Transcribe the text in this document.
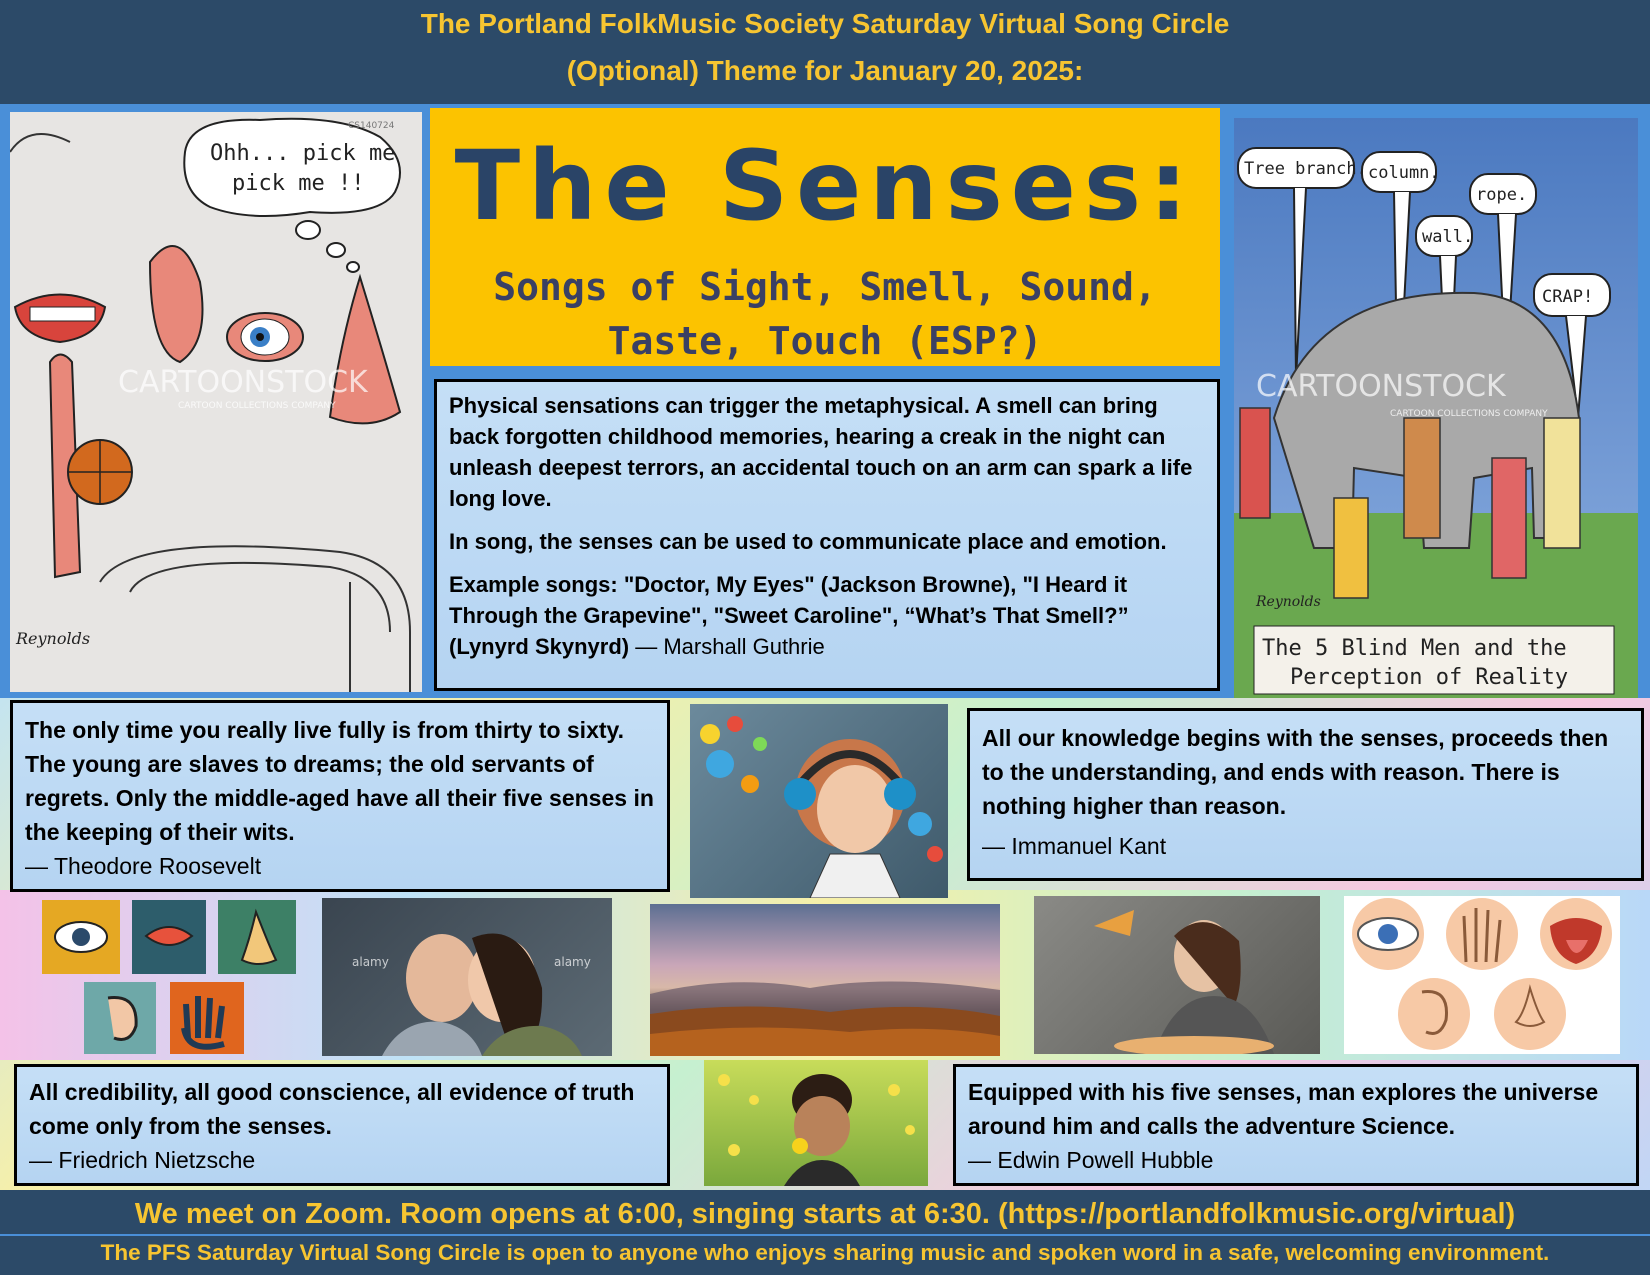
The Portland FolkMusic Society Saturday Virtual Song Circle
(Optional) Theme for January 20, 2025:
Ohh... pick me
pick me !!
CARTOONSTOCK
CARTOON COLLECTIONS COMPANY
CS140724
Reynolds
The Senses:
Songs of Sight, Smell, Sound,
Taste, Touch (ESP?)

Physical sensations can trigger the metaphysical. A smell can bring back forgotten childhood memories, hearing a creak in the night can unleash deepest terrors, an accidental touch on an arm can spark a life long love.

In song, the senses can be used to communicate place and emotion.

Example songs: "Doctor, My Eyes" (Jackson Browne), "I Heard it Through the Grapevine", "Sweet Caroline", “What’s That Smell?” (Lynyrd Skynyrd) — Marshall Guthrie

Tree branch. column.
wall.
rope.
CRAP!
CARTOONSTOCK
CARTOON COLLECTIONS COMPANY
Reynolds
The 5 Blind Men and the
Perception of Reality
The only time you really live fully is from thirty to sixty. The young are slaves to dreams; the old servants of regrets. Only the middle-aged have all their five senses in the keeping of their wits.
— Theodore Roosevelt
All our knowledge begins with the senses, proceeds then to the understanding, and ends with reason. There is nothing higher than reason.
— Immanuel Kant
alamy	alamy
All credibility, all good conscience, all evidence of truth come only from the senses.
— Friedrich Nietzsche
Equipped with his five senses, man explores the universe around him and calls the adventure Science.
— Edwin Powell Hubble
We meet on Zoom. Room opens at 6:00, singing starts at 6:30. (https://portlandfolkmusic.org/virtual)
The PFS Saturday Virtual Song Circle is open to anyone who enjoys sharing music and spoken word in a safe, welcoming environment.
